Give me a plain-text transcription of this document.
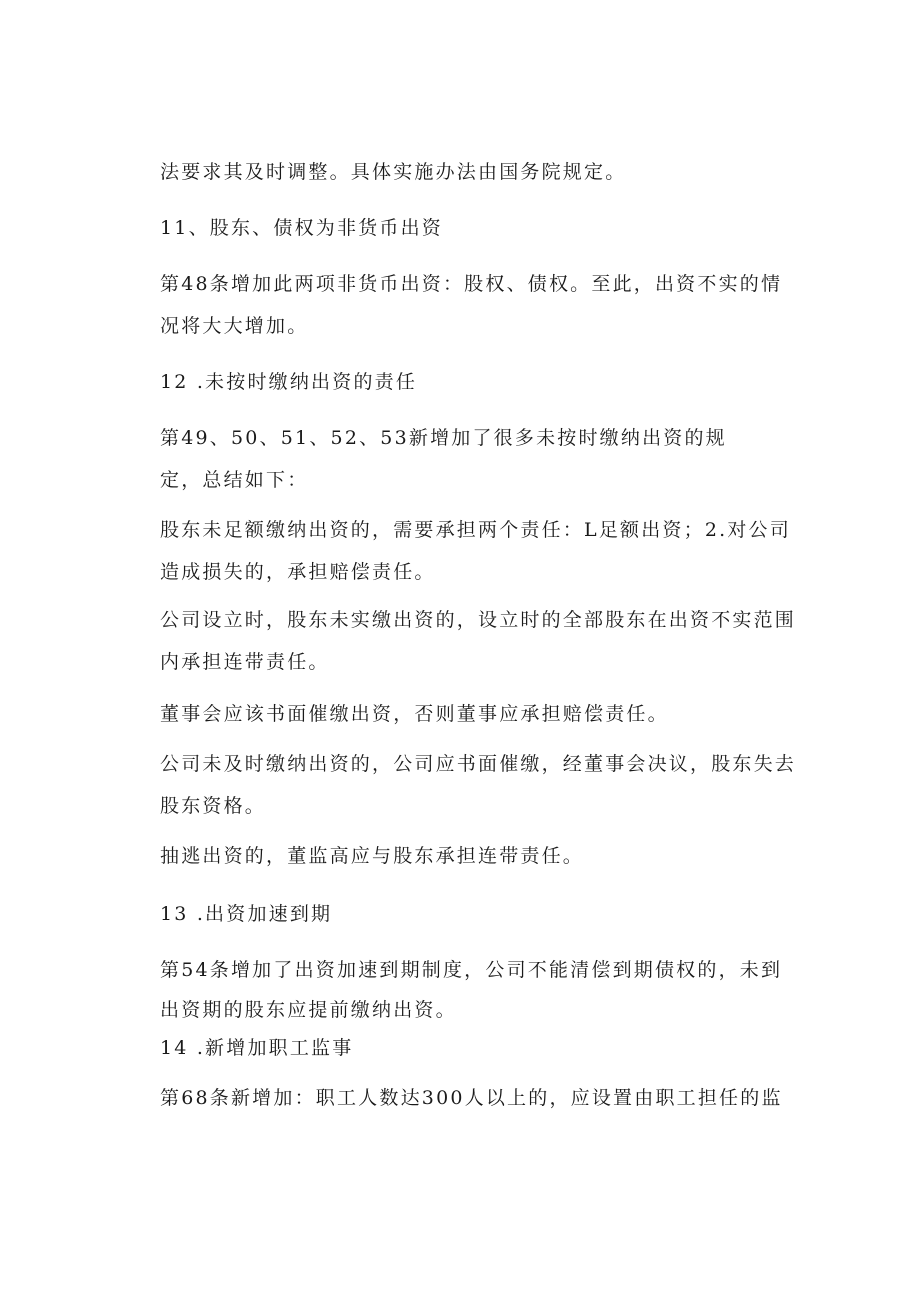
法要求其及时调整。具体实施办法由国务院规定。

11、股东、债权为非货币出资

第48条增加此两项非货币出资：股权、债权。至此，出资不实的情

况将大大增加。

12 .未按时缴纳出资的责任

第49、50、51、52、53新增加了很多未按时缴纳出资的规

定，总结如下：

股东未足额缴纳出资的，需要承担两个责任：L足额出资；2.对公司

造成损失的，承担赔偿责任。

公司设立时，股东未实缴出资的，设立时的全部股东在出资不实范围

内承担连带责任。

董事会应该书面催缴出资，否则董事应承担赔偿责任。

公司未及时缴纳出资的，公司应书面催缴，经董事会决议，股东失去

股东资格。

抽逃出资的，董监高应与股东承担连带责任。

13 .出资加速到期

第54条增加了出资加速到期制度，公司不能清偿到期债权的，未到

出资期的股东应提前缴纳出资。

14 .新增加职工监事

第68条新增加：职工人数达300人以上的，应设置由职工担任的监
